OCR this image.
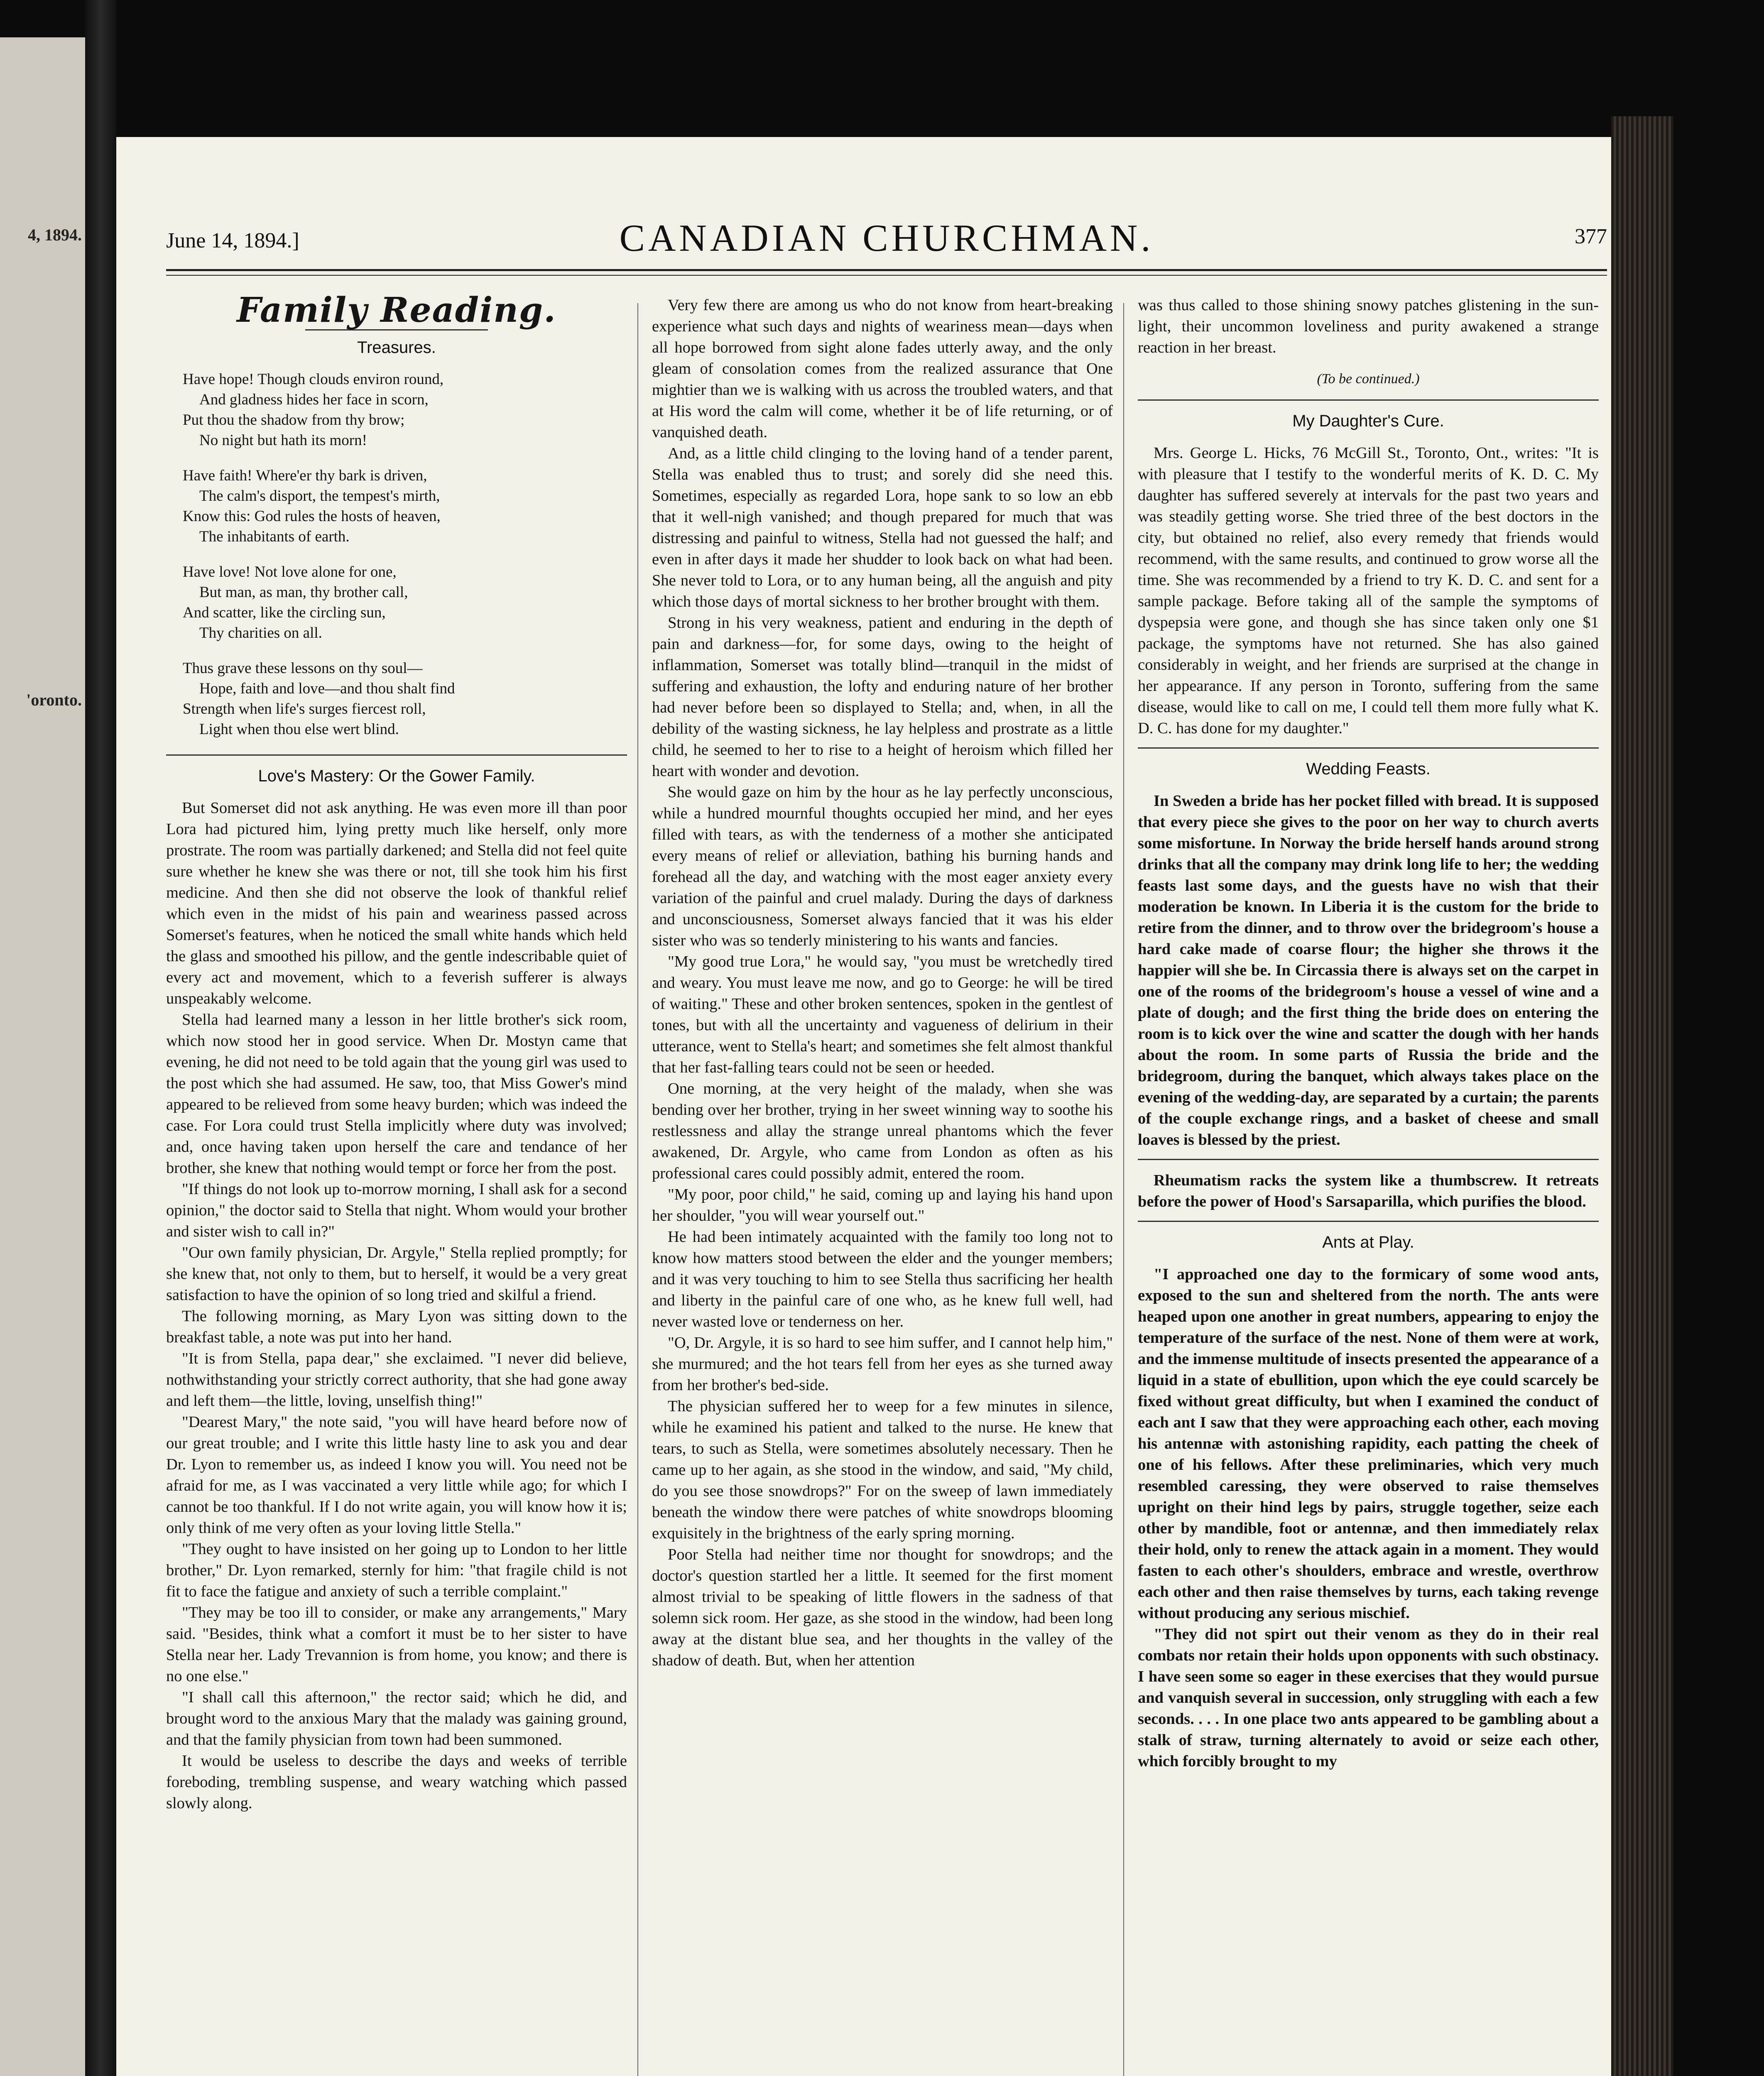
4, 1894.
'oronto.
June 14, 1894.]	CANADIAN CHURCHMAN.	377
Family Reading.
Treasures.
Have hope! Though clouds environ round,
And gladness hides her face in scorn,
Put thou the shadow from thy brow;
No night but hath its morn!
Have faith! Where'er thy bark is driven,
The calm's disport, the tempest's mirth,
Know this: God rules the hosts of heaven,
The inhabitants of earth.
Have love! Not love alone for one,
But man, as man, thy brother call,
And scatter, like the circling sun,
Thy charities on all.
Thus grave these lessons on thy soul—
Hope, faith and love—and thou shalt find
Strength when life's surges fiercest roll,
Light when thou else wert blind.
Love's Mastery: Or the Gower Family.

But Somerset did not ask anything. He was even more ill than poor Lora had pictured him, lying pretty much like herself, only more prostrate. The room was partially darkened; and Stella did not feel quite sure whether he knew she was there or not, till she took him his first medicine. And then she did not observe the look of thankful relief which even in the midst of his pain and weariness passed across Somerset's features, when he noticed the small white hands which held the glass and smoothed his pillow, and the gentle indescribable quiet of every act and movement, which to a feverish sufferer is always unspeakably welcome.

Stella had learned many a lesson in her little brother's sick room, which now stood her in good service. When Dr. Mostyn came that evening, he did not need to be told again that the young girl was used to the post which she had assumed. He saw, too, that Miss Gower's mind appeared to be relieved from some heavy burden; which was indeed the case. For Lora could trust Stella implicitly where duty was involved; and, once having taken upon herself the care and tendance of her brother, she knew that nothing would tempt or force her from the post.

"If things do not look up to-morrow morning, I shall ask for a second opinion," the doctor said to Stella that night. Whom would your brother and sister wish to call in?"

"Our own family physician, Dr. Argyle," Stella replied promptly; for she knew that, not only to them, but to herself, it would be a very great satisfaction to have the opinion of so long tried and skilful a friend.

The following morning, as Mary Lyon was sitting down to the breakfast table, a note was put into her hand.

"It is from Stella, papa dear," she exclaimed. "I never did believe, nothwithstanding your strictly correct authority, that she had gone away and left them—the little, loving, unselfish thing!"

"Dearest Mary," the note said, "you will have heard before now of our great trouble; and I write this little hasty line to ask you and dear Dr. Lyon to remember us, as indeed I know you will. You need not be afraid for me, as I was vaccinated a very little while ago; for which I cannot be too thankful. If I do not write again, you will know how it is; only think of me very often as your loving little Stella."

"They ought to have insisted on her going up to London to her little brother," Dr. Lyon remarked, sternly for him: "that fragile child is not fit to face the fatigue and anxiety of such a terrible complaint."

"They may be too ill to consider, or make any arrangements," Mary said. "Besides, think what a comfort it must be to her sister to have Stella near her. Lady Trevannion is from home, you know; and there is no one else."

"I shall call this afternoon," the rector said; which he did, and brought word to the anxious Mary that the malady was gaining ground, and that the family physician from town had been summoned.

It would be useless to describe the days and weeks of terrible foreboding, trembling suspense, and weary watching which passed slowly along.

Very few there are among us who do not know from heart-breaking experience what such days and nights of weariness mean—days when all hope borrowed from sight alone fades utterly away, and the only gleam of consolation comes from the realized assurance that One mightier than we is walking with us across the troubled waters, and that at His word the calm will come, whether it be of life returning, or of vanquished death.

And, as a little child clinging to the loving hand of a tender parent, Stella was enabled thus to trust; and sorely did she need this. Sometimes, especially as regarded Lora, hope sank to so low an ebb that it well-nigh vanished; and though prepared for much that was distressing and painful to witness, Stella had not guessed the half; and even in after days it made her shudder to look back on what had been. She never told to Lora, or to any human being, all the anguish and pity which those days of mortal sickness to her brother brought with them.

Strong in his very weakness, patient and enduring in the depth of pain and darkness—for, for some days, owing to the height of inflammation, Somerset was totally blind—tranquil in the midst of suffering and exhaustion, the lofty and enduring nature of her brother had never before been so displayed to Stella; and, when, in all the debility of the wasting sickness, he lay helpless and prostrate as a little child, he seemed to her to rise to a height of heroism which filled her heart with wonder and devotion.

She would gaze on him by the hour as he lay perfectly unconscious, while a hundred mournful thoughts occupied her mind, and her eyes filled with tears, as with the tenderness of a mother she anticipated every means of relief or alleviation, bathing his burning hands and forehead all the day, and watching with the most eager anxiety every variation of the painful and cruel malady. During the days of darkness and unconsciousness, Somerset always fancied that it was his elder sister who was so tenderly ministering to his wants and fancies.

"My good true Lora," he would say, "you must be wretchedly tired and weary. You must leave me now, and go to George: he will be tired of waiting." These and other broken sentences, spoken in the gentlest of tones, but with all the uncertainty and vagueness of delirium in their utterance, went to Stella's heart; and sometimes she felt almost thankful that her fast-falling tears could not be seen or heeded.

One morning, at the very height of the malady, when she was bending over her brother, trying in her sweet winning way to soothe his restlessness and allay the strange unreal phantoms which the fever awakened, Dr. Argyle, who came from London as often as his professional cares could possibly admit, entered the room.

"My poor, poor child," he said, coming up and laying his hand upon her shoulder, "you will wear yourself out."

He had been intimately acquainted with the family too long not to know how matters stood between the elder and the younger members; and it was very touching to him to see Stella thus sacrificing her health and liberty in the painful care of one who, as he knew full well, had never wasted love or tenderness on her.

"O, Dr. Argyle, it is so hard to see him suffer, and I cannot help him," she murmured; and the hot tears fell from her eyes as she turned away from her brother's bed-side.

The physician suffered her to weep for a few minutes in silence, while he examined his patient and talked to the nurse. He knew that tears, to such as Stella, were sometimes absolutely necessary. Then he came up to her again, as she stood in the window, and said, "My child, do you see those snowdrops?" For on the sweep of lawn immediately beneath the window there were patches of white snowdrops blooming exquisitely in the brightness of the early spring morning.

Poor Stella had neither time nor thought for snowdrops; and the doctor's question startled her a little. It seemed for the first moment almost trivial to be speaking of little flowers in the sadness of that solemn sick room. Her gaze, as she stood in the window, had been long away at the distant blue sea, and her thoughts in the valley of the shadow of death. But, when her attention

was thus called to those shining snowy patches glistening in the sun-light, their uncommon loveliness and purity awakened a strange reaction in her breast.

(To be continued.)
My Daughter's Cure.

Mrs. George L. Hicks, 76 McGill St., Toronto, Ont., writes: "It is with pleasure that I testify to the wonderful merits of K. D. C. My daughter has suffered severely at intervals for the past two years and was steadily getting worse. She tried three of the best doctors in the city, but obtained no relief, also every remedy that friends would recommend, with the same results, and continued to grow worse all the time. She was recommended by a friend to try K. D. C. and sent for a sample package. Before taking all of the sample the symptoms of dyspepsia were gone, and though she has since taken only one $1 package, the symptoms have not returned. She has also gained considerably in weight, and her friends are surprised at the change in her appearance. If any person in Toronto, suffering from the same disease, would like to call on me, I could tell them more fully what K. D. C. has done for my daughter."

Wedding Feasts.

In Sweden a bride has her pocket filled with bread. It is supposed that every piece she gives to the poor on her way to church averts some misfortune. In Norway the bride herself hands around strong drinks that all the company may drink long life to her; the wedding feasts last some days, and the guests have no wish that their moderation be known. In Liberia it is the custom for the bride to retire from the dinner, and to throw over the bridegroom's house a hard cake made of coarse flour; the higher she throws it the happier will she be. In Circassia there is always set on the carpet in one of the rooms of the bridegroom's house a vessel of wine and a plate of dough; and the first thing the bride does on entering the room is to kick over the wine and scatter the dough with her hands about the room. In some parts of Russia the bride and the bridegroom, during the banquet, which always takes place on the evening of the wedding-day, are separated by a curtain; the parents of the couple exchange rings, and a basket of cheese and small loaves is blessed by the priest.

Rheumatism racks the system like a thumbscrew. It retreats before the power of Hood's Sarsaparilla, which purifies the blood.

Ants at Play.

"I approached one day to the formicary of some wood ants, exposed to the sun and sheltered from the north. The ants were heaped upon one another in great numbers, appearing to enjoy the temperature of the surface of the nest. None of them were at work, and the immense multitude of insects presented the appearance of a liquid in a state of ebullition, upon which the eye could scarcely be fixed without great difficulty, but when I examined the conduct of each ant I saw that they were approaching each other, each moving his antennæ with astonishing rapidity, each patting the cheek of one of his fellows. After these preliminaries, which very much resembled caressing, they were observed to raise themselves upright on their hind legs by pairs, struggle together, seize each other by mandible, foot or antennæ, and then immediately relax their hold, only to renew the attack again in a moment. They would fasten to each other's shoulders, embrace and wrestle, overthrow each other and then raise themselves by turns, each taking revenge without producing any serious mischief.

"They did not spirt out their venom as they do in their real combats nor retain their holds upon opponents with such obstinacy. I have seen some so eager in these exercises that they would pursue and vanquish several in succession, only struggling with each a few seconds. . . . In one place two ants appeared to be gambling about a stalk of straw, turning alternately to avoid or seize each other, which forcibly brought to my
